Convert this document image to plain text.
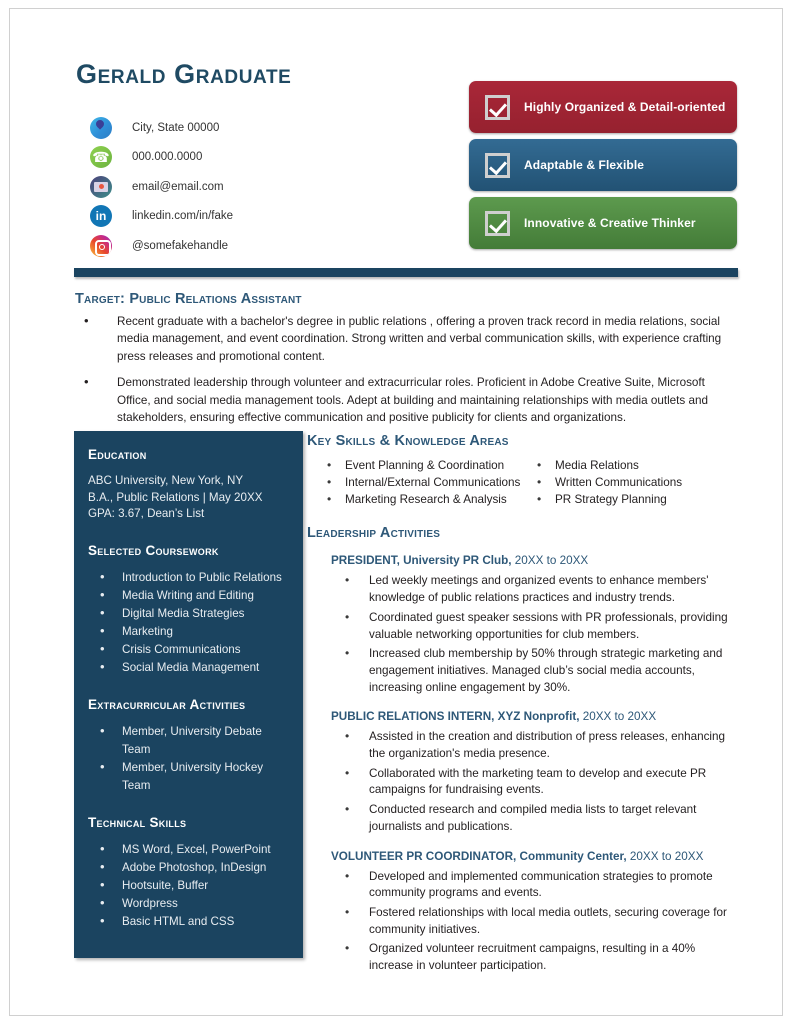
Gerald Graduate
City, State 00000
☎
000.000.0000
email@email.com
in
linkedin.com/in/fake
@somefakehandle
Highly Organized & Detail-oriented
Adaptable & Flexible
Innovative & Creative Thinker
Target: Public Relations Assistant
• Recent graduate with a bachelor's degree in public relations , offering a proven track record in media relations, social media management, and event coordination. Strong written and verbal communication skills, with experience crafting press releases and promotional content.
• Demonstrated leadership through volunteer and extracurricular roles. Proficient in Adobe Creative Suite, Microsoft Office, and social media management tools. Adept at building and maintaining relationships with media outlets and stakeholders, ensuring effective communication and positive publicity for clients and organizations.
Education
ABC University, New York, NY
B.A., Public Relations | May 20XX
GPA: 3.67, Dean’s List
Selected Coursework
• Introduction to Public Relations
• Media Writing and Editing
• Digital Media Strategies
• Marketing
• Crisis Communications
• Social Media Management
Extracurricular Activities
• Member, University Debate Team
• Member, University Hockey Team
Technical Skills
• MS Word, Excel, PowerPoint
• Adobe Photoshop, InDesign
• Hootsuite, Buffer
• Wordpress
• Basic HTML and CSS
Key Skills & Knowledge Areas
• Event Planning & Coordination	• Media Relations
• Internal/External Communications	• Written Communications
• Marketing Research & Analysis	• PR Strategy Planning
Leadership Activities
PRESIDENT, University PR Club, 20XX to 20XX
• Led weekly meetings and organized events to enhance members' knowledge of public relations practices and industry trends.
• Coordinated guest speaker sessions with PR professionals, providing valuable networking opportunities for club members.
• Increased club membership by 50% through strategic marketing and engagement initiatives. Managed club’s social media accounts, increasing online engagement by 30%.
PUBLIC RELATIONS INTERN, XYZ Nonprofit, 20XX to 20XX
• Assisted in the creation and distribution of press releases, enhancing the organization's media presence.
• Collaborated with the marketing team to develop and execute PR campaigns for fundraising events.
• Conducted research and compiled media lists to target relevant journalists and publications.
VOLUNTEER PR COORDINATOR, Community Center, 20XX to 20XX
• Developed and implemented communication strategies to promote community programs and events.
• Fostered relationships with local media outlets, securing coverage for community initiatives.
• Organized volunteer recruitment campaigns, resulting in a 40% increase in volunteer participation.
